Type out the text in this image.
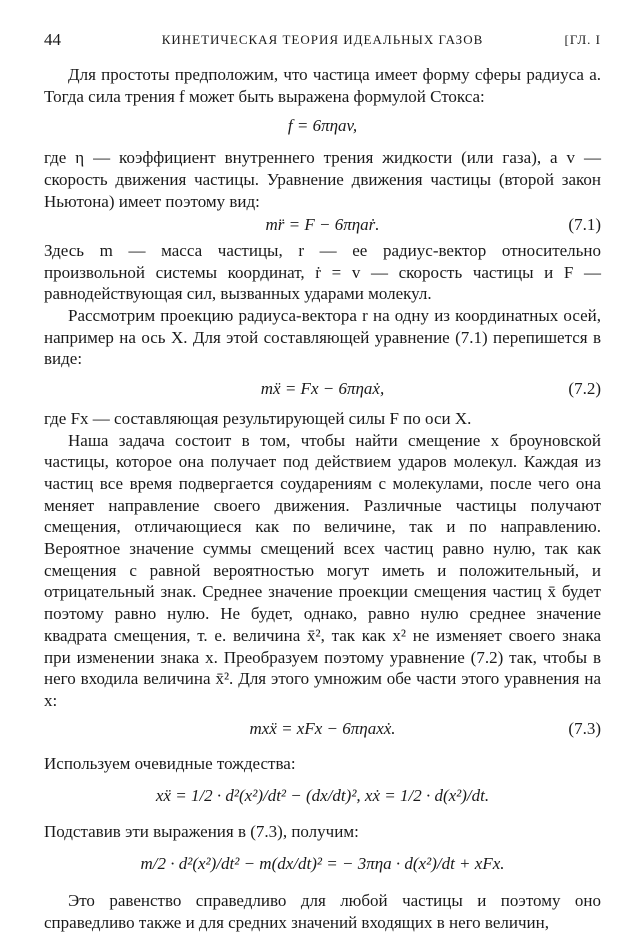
44	КИНЕТИЧЕСКАЯ ТЕОРИЯ ИДЕАЛЬНЫХ ГАЗОВ	[ГЛ. I

Для простоты предположим, что частица имеет форму сферы радиуса a. Тогда сила трения f может быть выражена формулой Стокса:

f = 6πηav,

где η — коэффициент внутреннего трения жидкости (или газа), а v — скорость движения частицы. Уравнение движения частицы (второй закон Ньютона) имеет поэтому вид:

mr̈ = F − 6πηaṙ.	(7.1)

Здесь m — масса частицы, r — ее радиус-вектор относительно произвольной системы координат, ṙ = v — скорость частицы и F — равнодействующая сил, вызванных ударами молекул.

Рассмотрим проекцию радиуса-вектора r на одну из координатных осей, например на ось X. Для этой составляющей уравнение (7.1) перепишется в виде:

mẍ = Fx − 6πηaẋ,	(7.2)

где Fx — составляющая результирующей силы F по оси X.

Наша задача состоит в том, чтобы найти смещение x броуновской частицы, которое она получает под действием ударов молекул. Каждая из частиц все время подвергается соударениям с молекулами, после чего она меняет направление своего движения. Различные частицы получают смещения, отличающиеся как по величине, так и по направлению. Вероятное значение суммы смещений всех частиц равно нулю, так как смещения с равной вероятностью могут иметь и положительный, и отрицательный знак. Среднее значение проекции смещения частиц x̄ будет поэтому равно нулю. Не будет, однако, равно нулю среднее значение квадрата смещения, т. е. величина x̄², так как x² не изменяет своего знака при изменении знака x. Преобразуем поэтому уравнение (7.2) так, чтобы в него входила величина x̄². Для этого умножим обе части этого уравнения на x:

mxẍ = xFx − 6πηaxẋ.	(7.3)

Используем очевидные тождества:

xẍ = 1/2 · d²(x²)/dt² − (dx/dt)², xẋ = 1/2 · d(x²)/dt.

Подставив эти выражения в (7.3), получим:

m/2 · d²(x²)/dt² − m(dx/dt)² = − 3πηa · d(x²)/dt + xFx.

Это равенство справедливо для любой частицы и поэтому оно справедливо также и для средних значений входящих в него величин,
